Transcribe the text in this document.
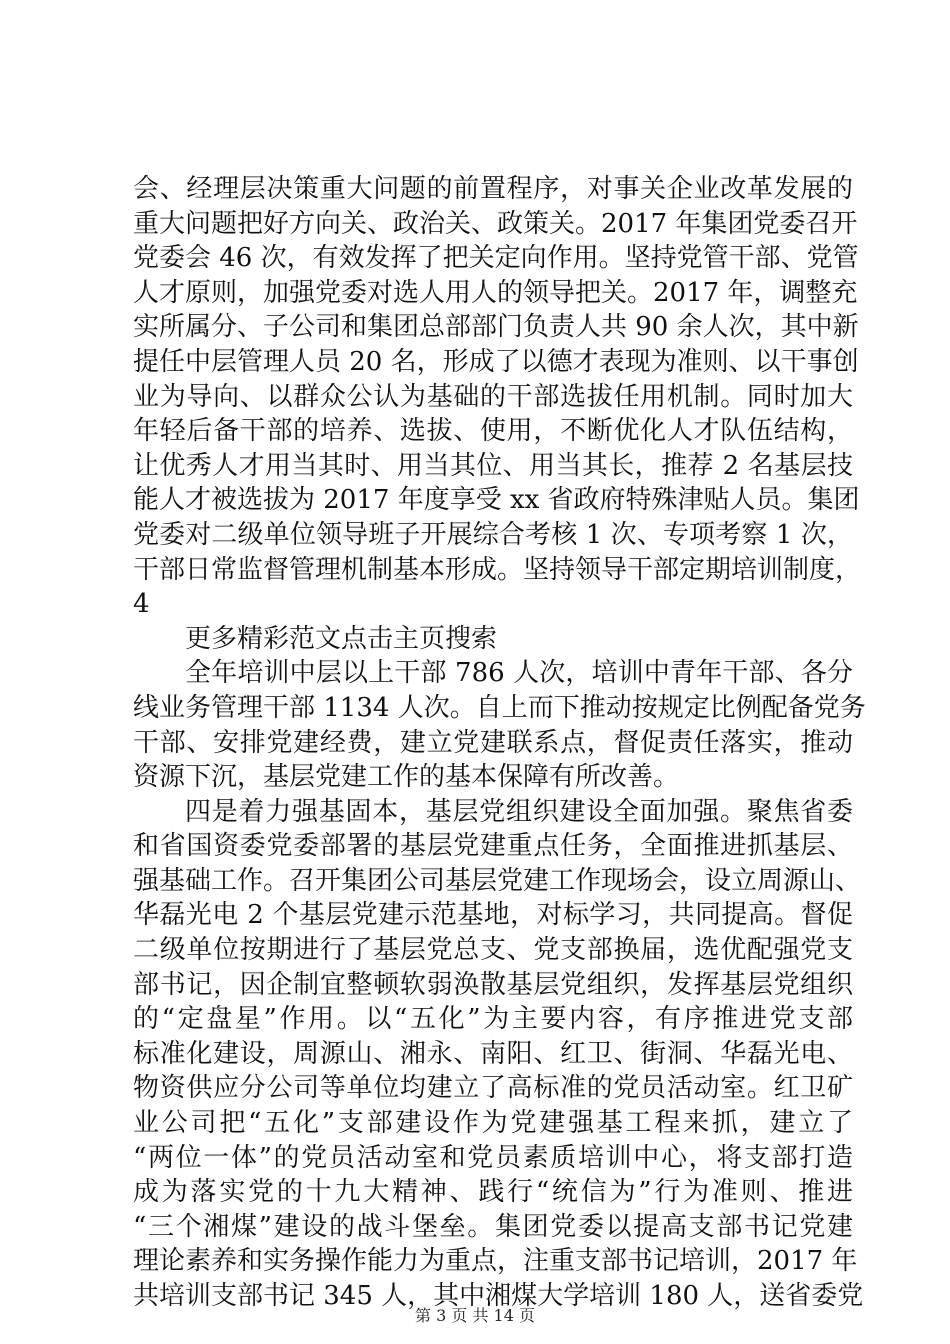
会、经理层决策重大问题的前置程序，对事关企业改革发展的
重大问题把好方向关、政治关、政策关。2017 年集团党委召开
党委会 46 次，有效发挥了把关定向作用。坚持党管干部、党管
人才原则，加强党委对选人用人的领导把关。2017 年，调整充
实所属分、子公司和集团总部部门负责人共 90 余人次，其中新
提任中层管理人员 20 名，形成了以德才表现为准则、以干事创
业为导向、以群众公认为基础的干部选拔任用机制。同时加大
年轻后备干部的培养、选拔、使用，不断优化人才队伍结构，
让优秀人才用当其时、用当其位、用当其长，推荐 2 名基层技
能人才被选拔为 2017 年度享受 xx 省政府特殊津贴人员。集团
党委对二级单位领导班子开展综合考核 1 次、专项考察 1 次，
干部日常监督管理机制基本形成。坚持领导干部定期培训制度，
4
更多精彩范文点击主页搜索
全年培训中层以上干部 786 人次，培训中青年干部、各分
线业务管理干部 1134 人次。自上而下推动按规定比例配备党务
干部、安排党建经费，建立党建联系点，督促责任落实，推动
资源下沉，基层党建工作的基本保障有所改善。
四是着力强基固本，基层党组织建设全面加强。聚焦省委
和省国资委党委部署的基层党建重点任务，全面推进抓基层、
强基础工作。召开集团公司基层党建工作现场会，设立周源山、
华磊光电 2 个基层党建示范基地，对标学习，共同提高。督促
二级单位按期进行了基层党总支、党支部换届，选优配强党支
部书记，因企制宜整顿软弱涣散基层党组织，发挥基层党组织
的“定盘星”作用。以“五化”为主要内容，有序推进党支部
标准化建设，周源山、湘永、南阳、红卫、街洞、华磊光电、
物资供应分公司等单位均建立了高标准的党员活动室。红卫矿
业公司把“五化”支部建设作为党建强基工程来抓，建立了
“两位一体”的党员活动室和党员素质培训中心，将支部打造
成为落实党的十九大精神、践行“统信为”行为准则、推进
“三个湘煤”建设的战斗堡垒。集团党委以提高支部书记党建
理论素养和实务操作能力为重点，注重支部书记培训，2017 年
共培训支部书记 345 人，其中湘煤大学培训 180 人，送省委党
第 3 页 共 14 页
